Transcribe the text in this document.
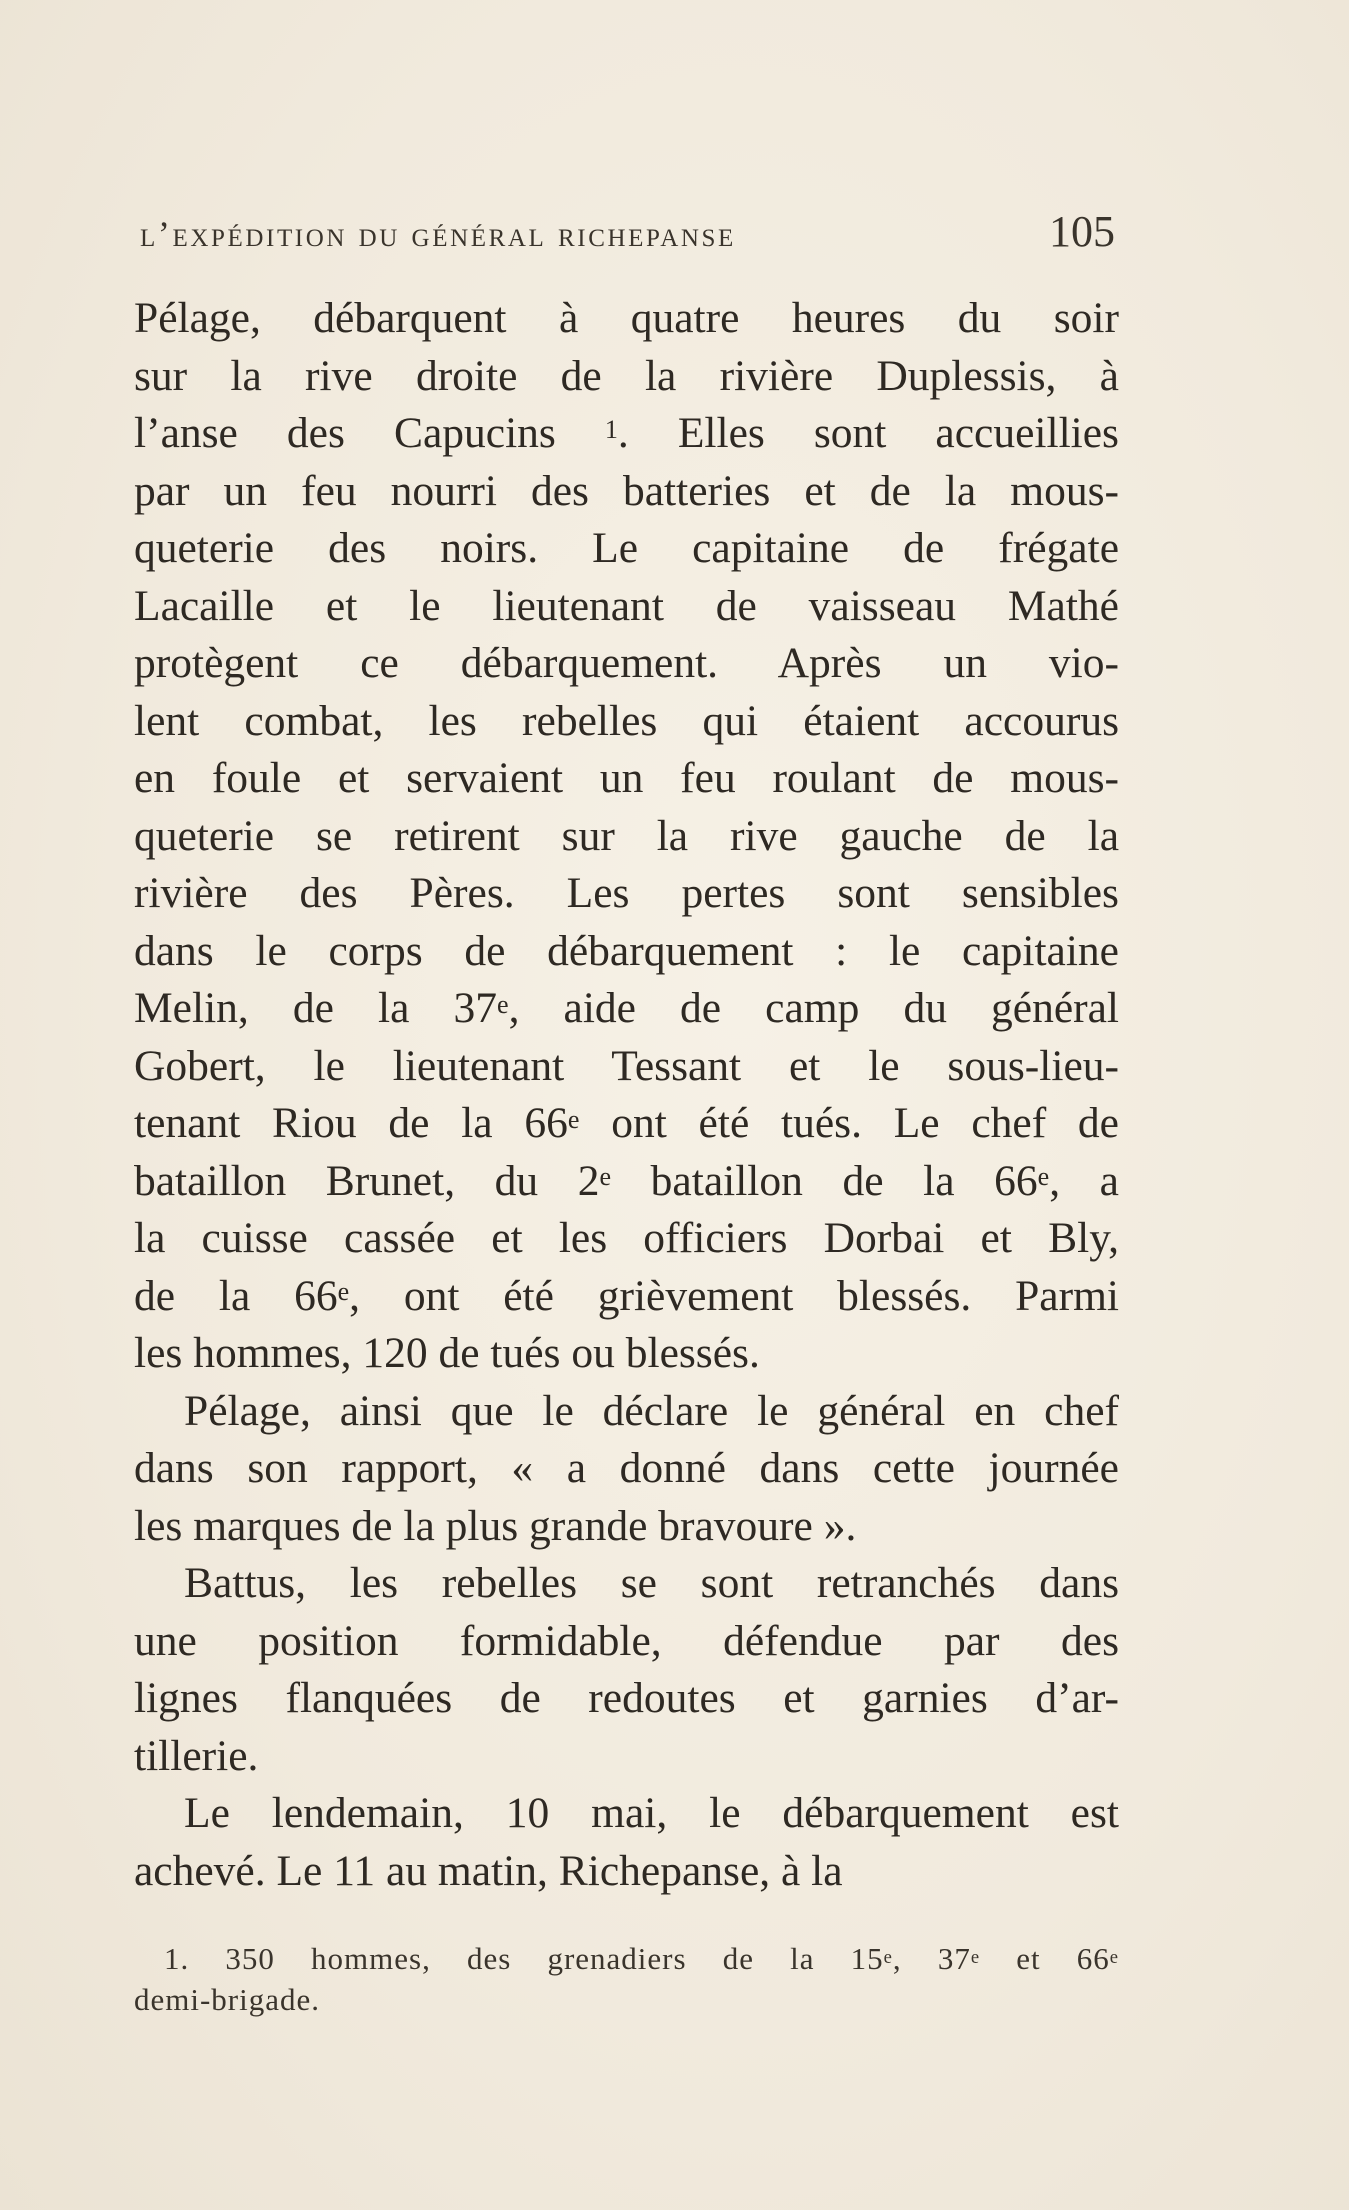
l’expédition du général richepanse	105
Pélage, débarquent à quatre heures du soir
sur la rive droite de la rivière Duplessis, à
l’anse des Capucins $^1$. Elles sont accueillies
par un feu nourri des batteries et de la mous-
queterie des noirs. Le capitaine de frégate
Lacaille et le lieutenant de vaisseau Mathé
protègent ce débarquement. Après un vio-
lent combat, les rebelles qui étaient accourus
en foule et servaient un feu roulant de mous-
queterie se retirent sur la rive gauche de la
rivière des Pères. Les pertes sont sensibles
dans le corps de débarquement : le capitaine
Melin, de la 37e, aide de camp du général
Gobert, le lieutenant Tessant et le sous-lieu-
tenant Riou de la 66e ont été tués. Le chef de
bataillon Brunet, du 2e bataillon de la 66e, a
la cuisse cassée et les officiers Dorbai et Bly,
de la 66e, ont été grièvement blessés. Parmi
les hommes, 120 de tués ou blessés.
Pélage, ainsi que le déclare le général en chef
dans son rapport, « a donné dans cette journée
les marques de la plus grande bravoure ».
Battus, les rebelles se sont retranchés dans
une position formidable, défendue par des
lignes flanquées de redoutes et garnies d’ar-
tillerie.
Le lendemain, 10 mai, le débarquement est
achevé. Le 11 au matin, Richepanse, à la
1. 350 hommes, des grenadiers de la 15e, 37e et 66e
demi-brigade.
